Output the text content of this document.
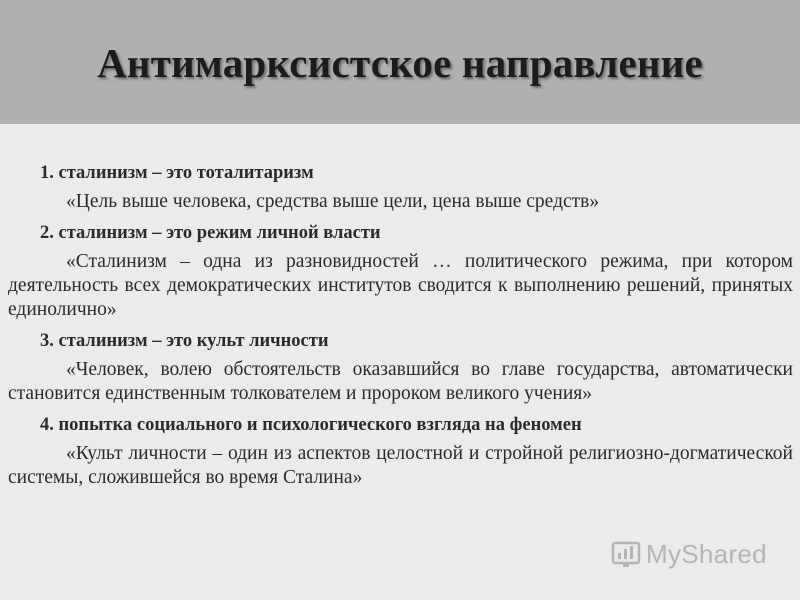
Антимарксистское направление

1. сталинизм – это тоталитаризм

«Цель выше человека, средства выше цели, цена выше средств»

2. сталинизм – это режим личной власти

«Сталинизм – одна из разновидностей … политического режима, при котором деятельность всех демократических институтов сводится к выполнению решений, принятых единолично»

3. сталинизм – это культ личности

«Человек, волею обстоятельств оказавшийся во главе государства, автоматически становится единственным толкователем и пророком великого учения»

4. попытка социального и психологического взгляда на феномен

«Культ личности – один из аспектов целостной и стройной религиозно-догматической системы, сложившейся во время Сталина»

MyShared
